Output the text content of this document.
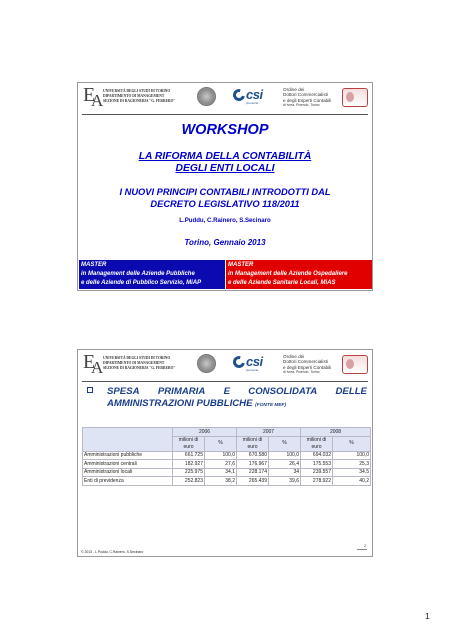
E
A UNIVERSITÀ DEGLI STUDI DI TORINO
DIPARTIMENTO DI MANAGEMENT
SEZIONE DI RAGIONERIA "G. FERRERO"	csi
piemonte
Ordine dei
Dottori Commercialisti
e degli Esperti Contabili
di Ivrea, Pinerolo, Torino
WORKSHOP
LA RIFORMA DELLA CONTABILITÀ
DEGLI ENTI LOCALI
I NUOVI PRINCIPI CONTABILI INTRODOTTI DAL
DECRETO LEGISLATIVO 118/2011
L.Puddu, C.Rainero, S.Secinaro
Torino, Gennaio 2013
MASTER
in Management delle Aziende Pubbliche
e delle Aziende di Pubblico Servizio, MiAP
MASTER
in Management delle Aziende Ospedaliere
e delle Aziende Sanitarie Locali, MiAS
E
A UNIVERSITÀ DEGLI STUDI DI TORINO
DIPARTIMENTO DI MANAGEMENT
SEZIONE DI RAGIONERIA "G. FERRERO"	csi
piemonte
Ordine dei
Dottori Commercialisti
e degli Esperti Contabili
di Ivrea, Pinerolo, Torino
SPESA PRIMARIA E CONSOLIDATA DELLE
AMMINISTRAZIONI PUBBLICHE (FONTE MEF)
	2006		2007		2008	
	milioni di euro	%	milioni di euro	%	milioni di euro	%
Amministrazioni pubbliche	661.725	100,0	670.580	100,0	694.032	100,0
Amministrazioni centrali	182.927	27,6	176.967	26,4	175.553	25,3
Amministrazioni locali	225.975	34,1	228.174	34	239.557	34,5
Enti di previdenza	252.823	38,2	265.439	39,6	278.922	40,2
2
© 2013 - L.Puddu, C.Rainero, S.Secinaro
1
